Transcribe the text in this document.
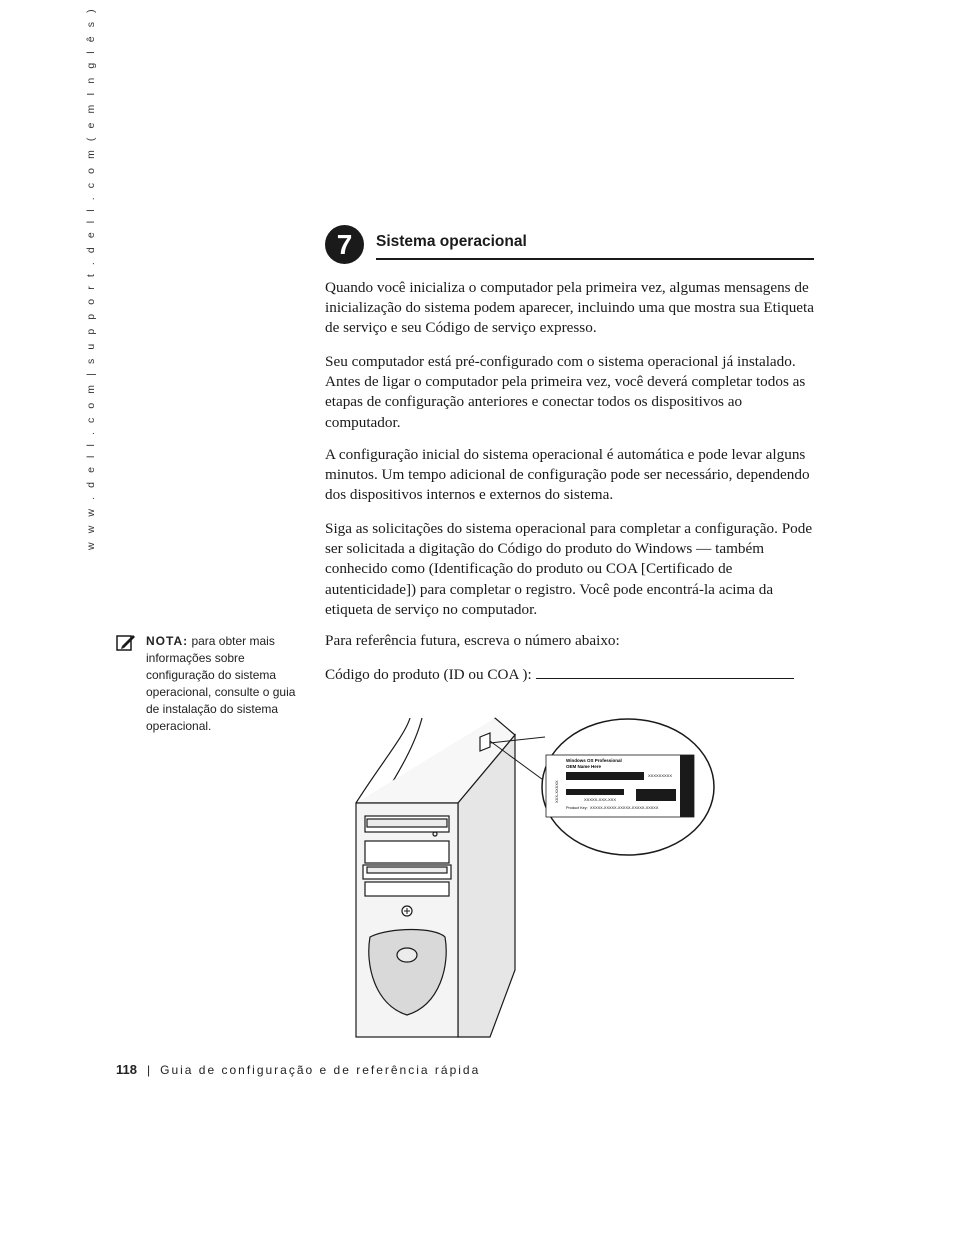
w w w . d e l l . c o m | s u p p o r t . d e l l . c o m ( e m I n g l ê s )	7	Sistema operacional

Quando você inicializa o computador pela primeira vez, algumas mensagens de inicialização do sistema podem aparecer, incluindo uma que mostra sua Etiqueta de serviço e seu Código de serviço expresso.

Seu computador está pré-configurado com o sistema operacional já instalado. Antes de ligar o computador pela primeira vez, você deverá completar todos as etapas de configuração anteriores e conectar todos os dispositivos ao computador.

A configuração inicial do sistema operacional é automática e pode levar alguns minutos. Um tempo adicional de configuração pode ser necessário, dependendo dos dispositivos internos e externos do sistema.

Siga as solicitações do sistema operacional para completar a configuração. Pode ser solicitada a digitação do Código do produto do Windows — também conhecido como (Identificação do produto ou COA [Certificado de autenticidade]) para completar o registro. Você pode encontrá-la acima da etiqueta de serviço no computador.

Para referência futura, escreva o número abaixo:

Código do produto (ID ou COA ):

NOTA: para obter mais informações sobre configuração do sistema operacional, consulte o guia de instalação do sistema operacional.
Windows OS Professional
OEM Name Here
XXXXXXXXX
XXX-XXXXX	XXXXX-XXX-XXX
Product Key: XXXXX-XXXXX-XXXXX-XXXXX-XXXXX
118 | Guia de configuração e de referência rápida
